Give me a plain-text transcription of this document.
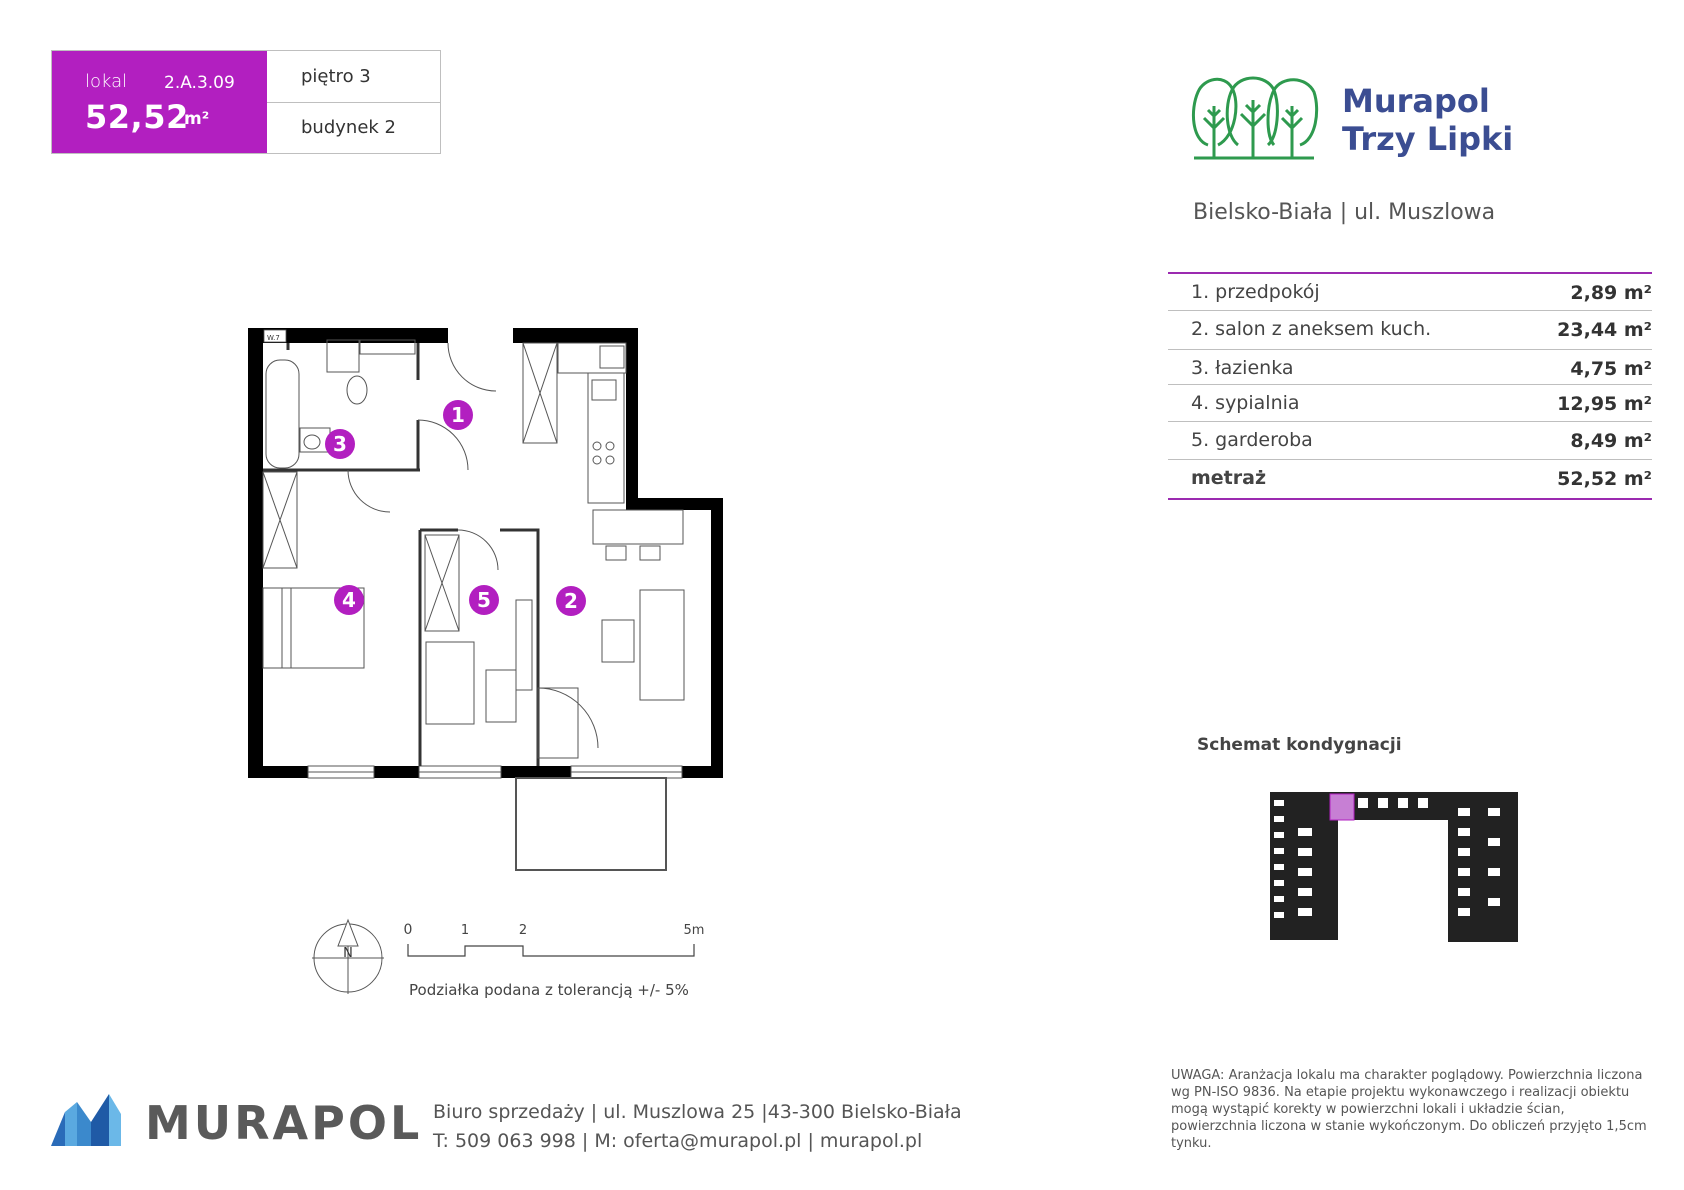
lokal 2.A.3.09
52,52
m²
piętro 3
budynek 2
Murapol
Trzy Lipki
Bielsko-Biała | ul. Muszlowa
1. przedpokój	2,89 m²
2. salon z aneksem kuch.	23,44 m²
3. łazienka	4,75 m²
4. sypialnia	12,95 m²
5. garderoba	8,49 m²
metraż	52,52 m²
W.7
1
2
3
4	5
N
0	1	2	5m
Podziałka podana z tolerancją +/- 5%
Schemat kondygnacji
MURAPOL Biuro sprzedaży | ul. Muszlowa 25 |43-300 Bielsko-Biała
T: 509 063 998 | M: oferta@murapol.pl | murapol.pl
UWAGA: Aranżacja lokalu ma charakter poglądowy. Powierzchnia liczona wg PN-ISO 9836. Na etapie projektu wykonawczego i realizacji obiektu mogą wystąpić korekty w powierzchni lokali i układzie ścian, powierzchnia liczona w stanie wykończonym. Do obliczeń przyjęto 1,5cm tynku.
